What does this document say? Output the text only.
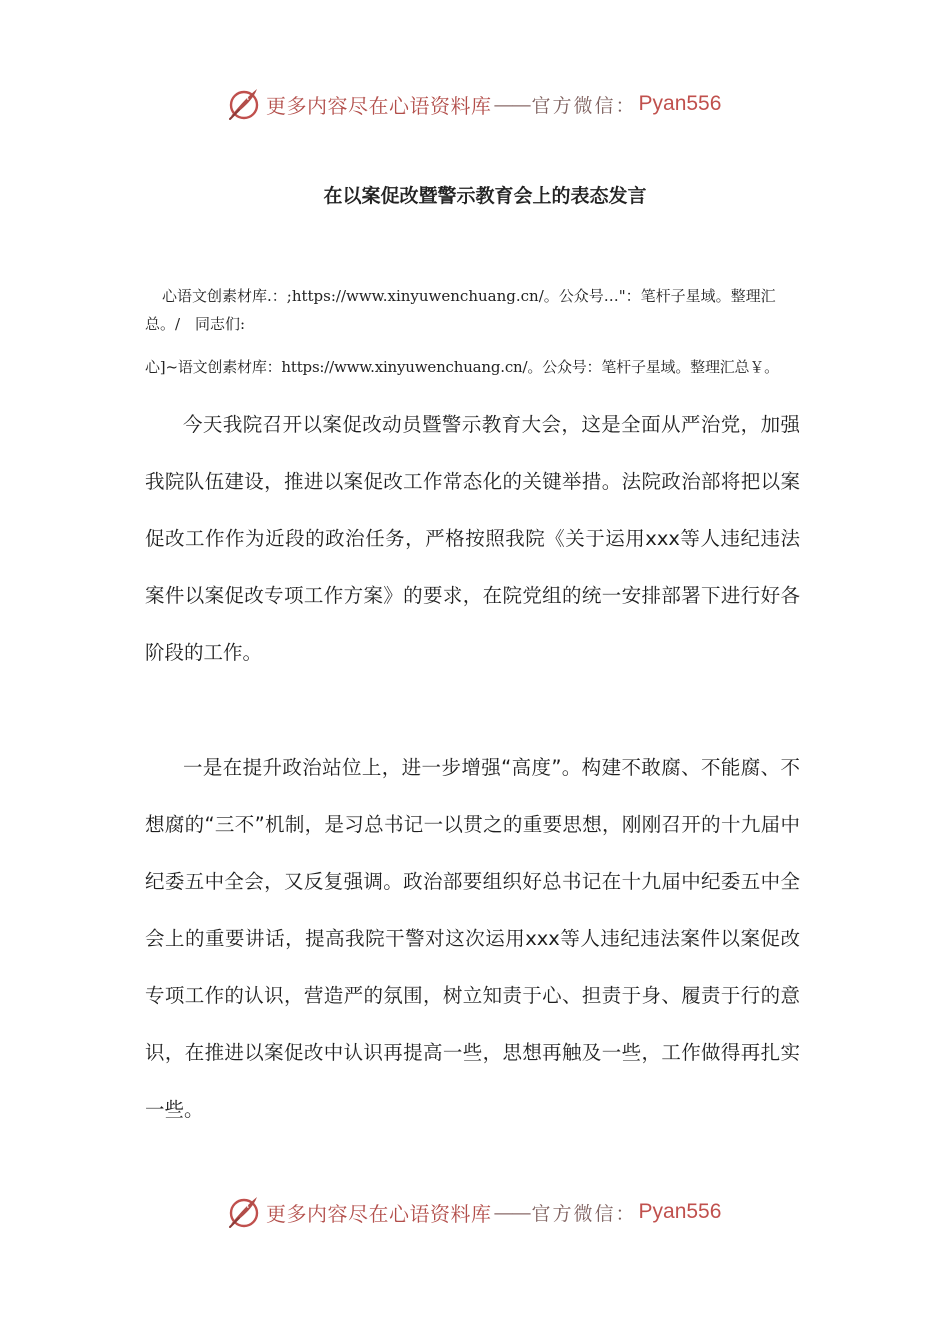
更多内容尽在心语资料库 —— 官方微信： Pyan556
在以案促改暨警示教育会上的表态发言

心语文创素材库.：;https://www.xinyuwenchuang.cn/。公众号…"：笔杆子星域。整理汇总。/　同志们:

心]~语文创素材库：https://www.xinyuwenchuang.cn/。公众号：笔杆子星域。整理汇总￥。

今天我院召开以案促改动员暨警示教育大会，这是全面从严治党，加强我院队伍建设，推进以案促改工作常态化的关键举措。法院政治部将把以案促改工作作为近段的政治任务，严格按照我院《关于运用xxx等人违纪违法案件以案促改专项工作方案》的要求，在院党组的统一安排部署下进行好各阶段的工作。

一是在提升政治站位上，进一步增强“高度”。构建不敢腐、不能腐、不想腐的“三不”机制，是习总书记一以贯之的重要思想，刚刚召开的十九届中纪委五中全会，又反复强调。政治部要组织好总书记在十九届中纪委五中全会上的重要讲话，提高我院干警对这次运用xxx等人违纪违法案件以案促改专项工作的认识，营造严的氛围，树立知责于心、担责于身、履责于行的意识，在推进以案促改中认识再提高一些，思想再触及一些，工作做得再扎实一些。

更多内容尽在心语资料库 —— 官方微信： Pyan556
